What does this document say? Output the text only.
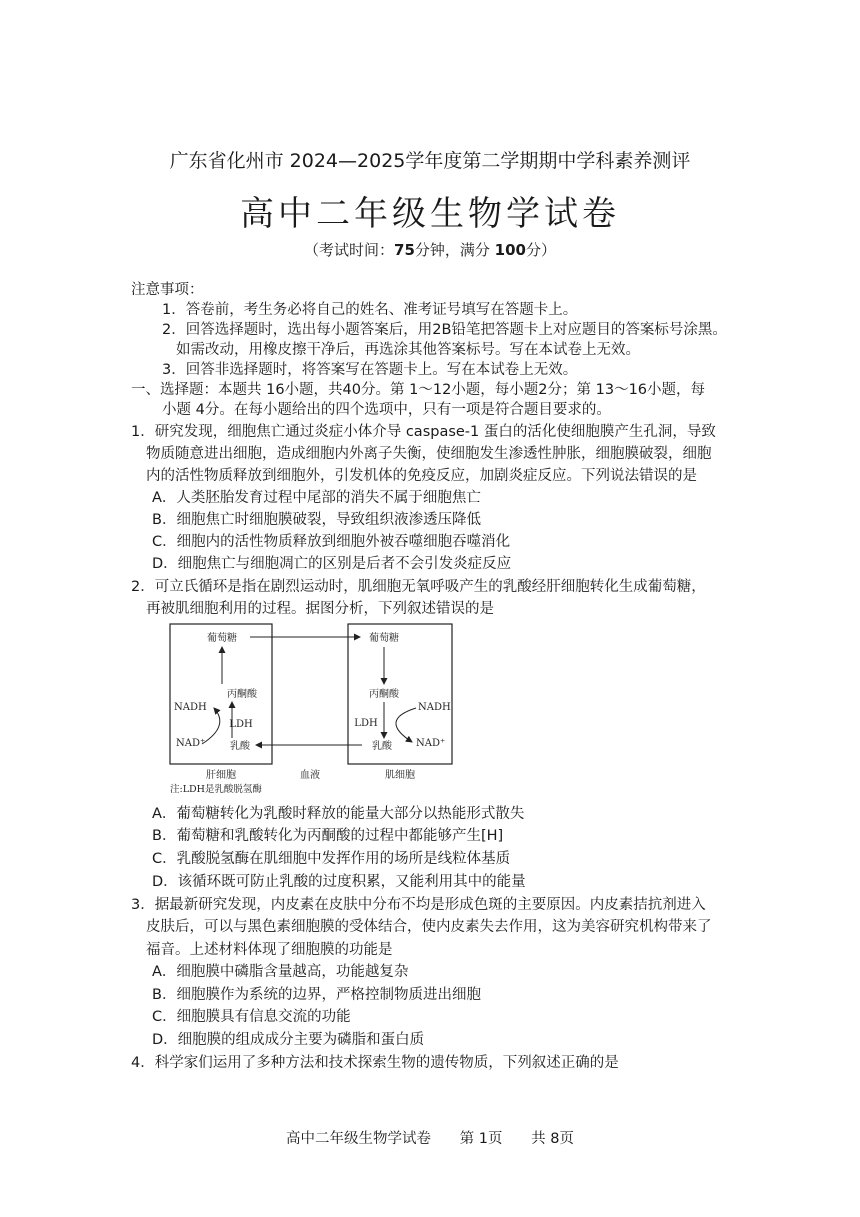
广东省化州市 2024—2025学年度第二学期期中学科素养测评
高中二年级生物学试卷
（考试时间：75分钟，满分 100分）
注意事项：
1．答卷前，考生务必将自己的姓名、准考证号填写在答题卡上。
2．回答选择题时，选出每小题答案后，用2B铅笔把答题卡上对应题目的答案标号涂黑。
如需改动，用橡皮擦干净后，再选涂其他答案标号。写在本试卷上无效。
3．回答非选择题时，将答案写在答题卡上。写在本试卷上无效。
一、选择题：本题共 16小题，共40分。第 1～12小题，每小题2分；第 13～16小题，每
小题 4分。在每小题给出的四个选项中，只有一项是符合题目要求的。
1．研究发现，细胞焦亡通过炎症小体介导 caspase-1 蛋白的活化使细胞膜产生孔洞，导致
物质随意进出细胞，造成细胞内外离子失衡，使细胞发生渗透性肿胀，细胞膜破裂，细胞
内的活性物质释放到细胞外，引发机体的免疫反应，加剧炎症反应。下列说法错误的是
A．人类胚胎发育过程中尾部的消失不属于细胞焦亡
B．细胞焦亡时细胞膜破裂，导致组织液渗透压降低
C．细胞内的活性物质释放到细胞外被吞噬细胞吞噬消化
D．细胞焦亡与细胞凋亡的区别是后者不会引发炎症反应
2．可立氏循环是指在剧烈运动时，肌细胞无氧呼吸产生的乳酸经肝细胞转化生成葡萄糖，
再被肌细胞利用的过程。据图分析，下列叙述错误的是
葡萄糖
丙酮酸
乳酸
NADH
NAD⁺
LDH
葡萄糖
丙酮酸
乳酸
NADH
NAD⁺
LDH
肝细胞	血液	肌细胞
注:LDH是乳酸脱氢酶
A．葡萄糖转化为乳酸时释放的能量大部分以热能形式散失
B．葡萄糖和乳酸转化为丙酮酸的过程中都能够产生[H]
C．乳酸脱氢酶在肌细胞中发挥作用的场所是线粒体基质
D．该循环既可防止乳酸的过度积累，又能利用其中的能量
3．据最新研究发现，内皮素在皮肤中分布不均是形成色斑的主要原因。内皮素拮抗剂进入
皮肤后，可以与黑色素细胞膜的受体结合，使内皮素失去作用，这为美容研究机构带来了
福音。上述材料体现了细胞膜的功能是
A．细胞膜中磷脂含量越高，功能越复杂
B．细胞膜作为系统的边界，严格控制物质进出细胞
C．细胞膜具有信息交流的功能
D．细胞膜的组成成分主要为磷脂和蛋白质
4．科学家们运用了多种方法和技术探索生物的遗传物质，下列叙述正确的是
高中二年级生物学试卷 第 1页 共 8页
